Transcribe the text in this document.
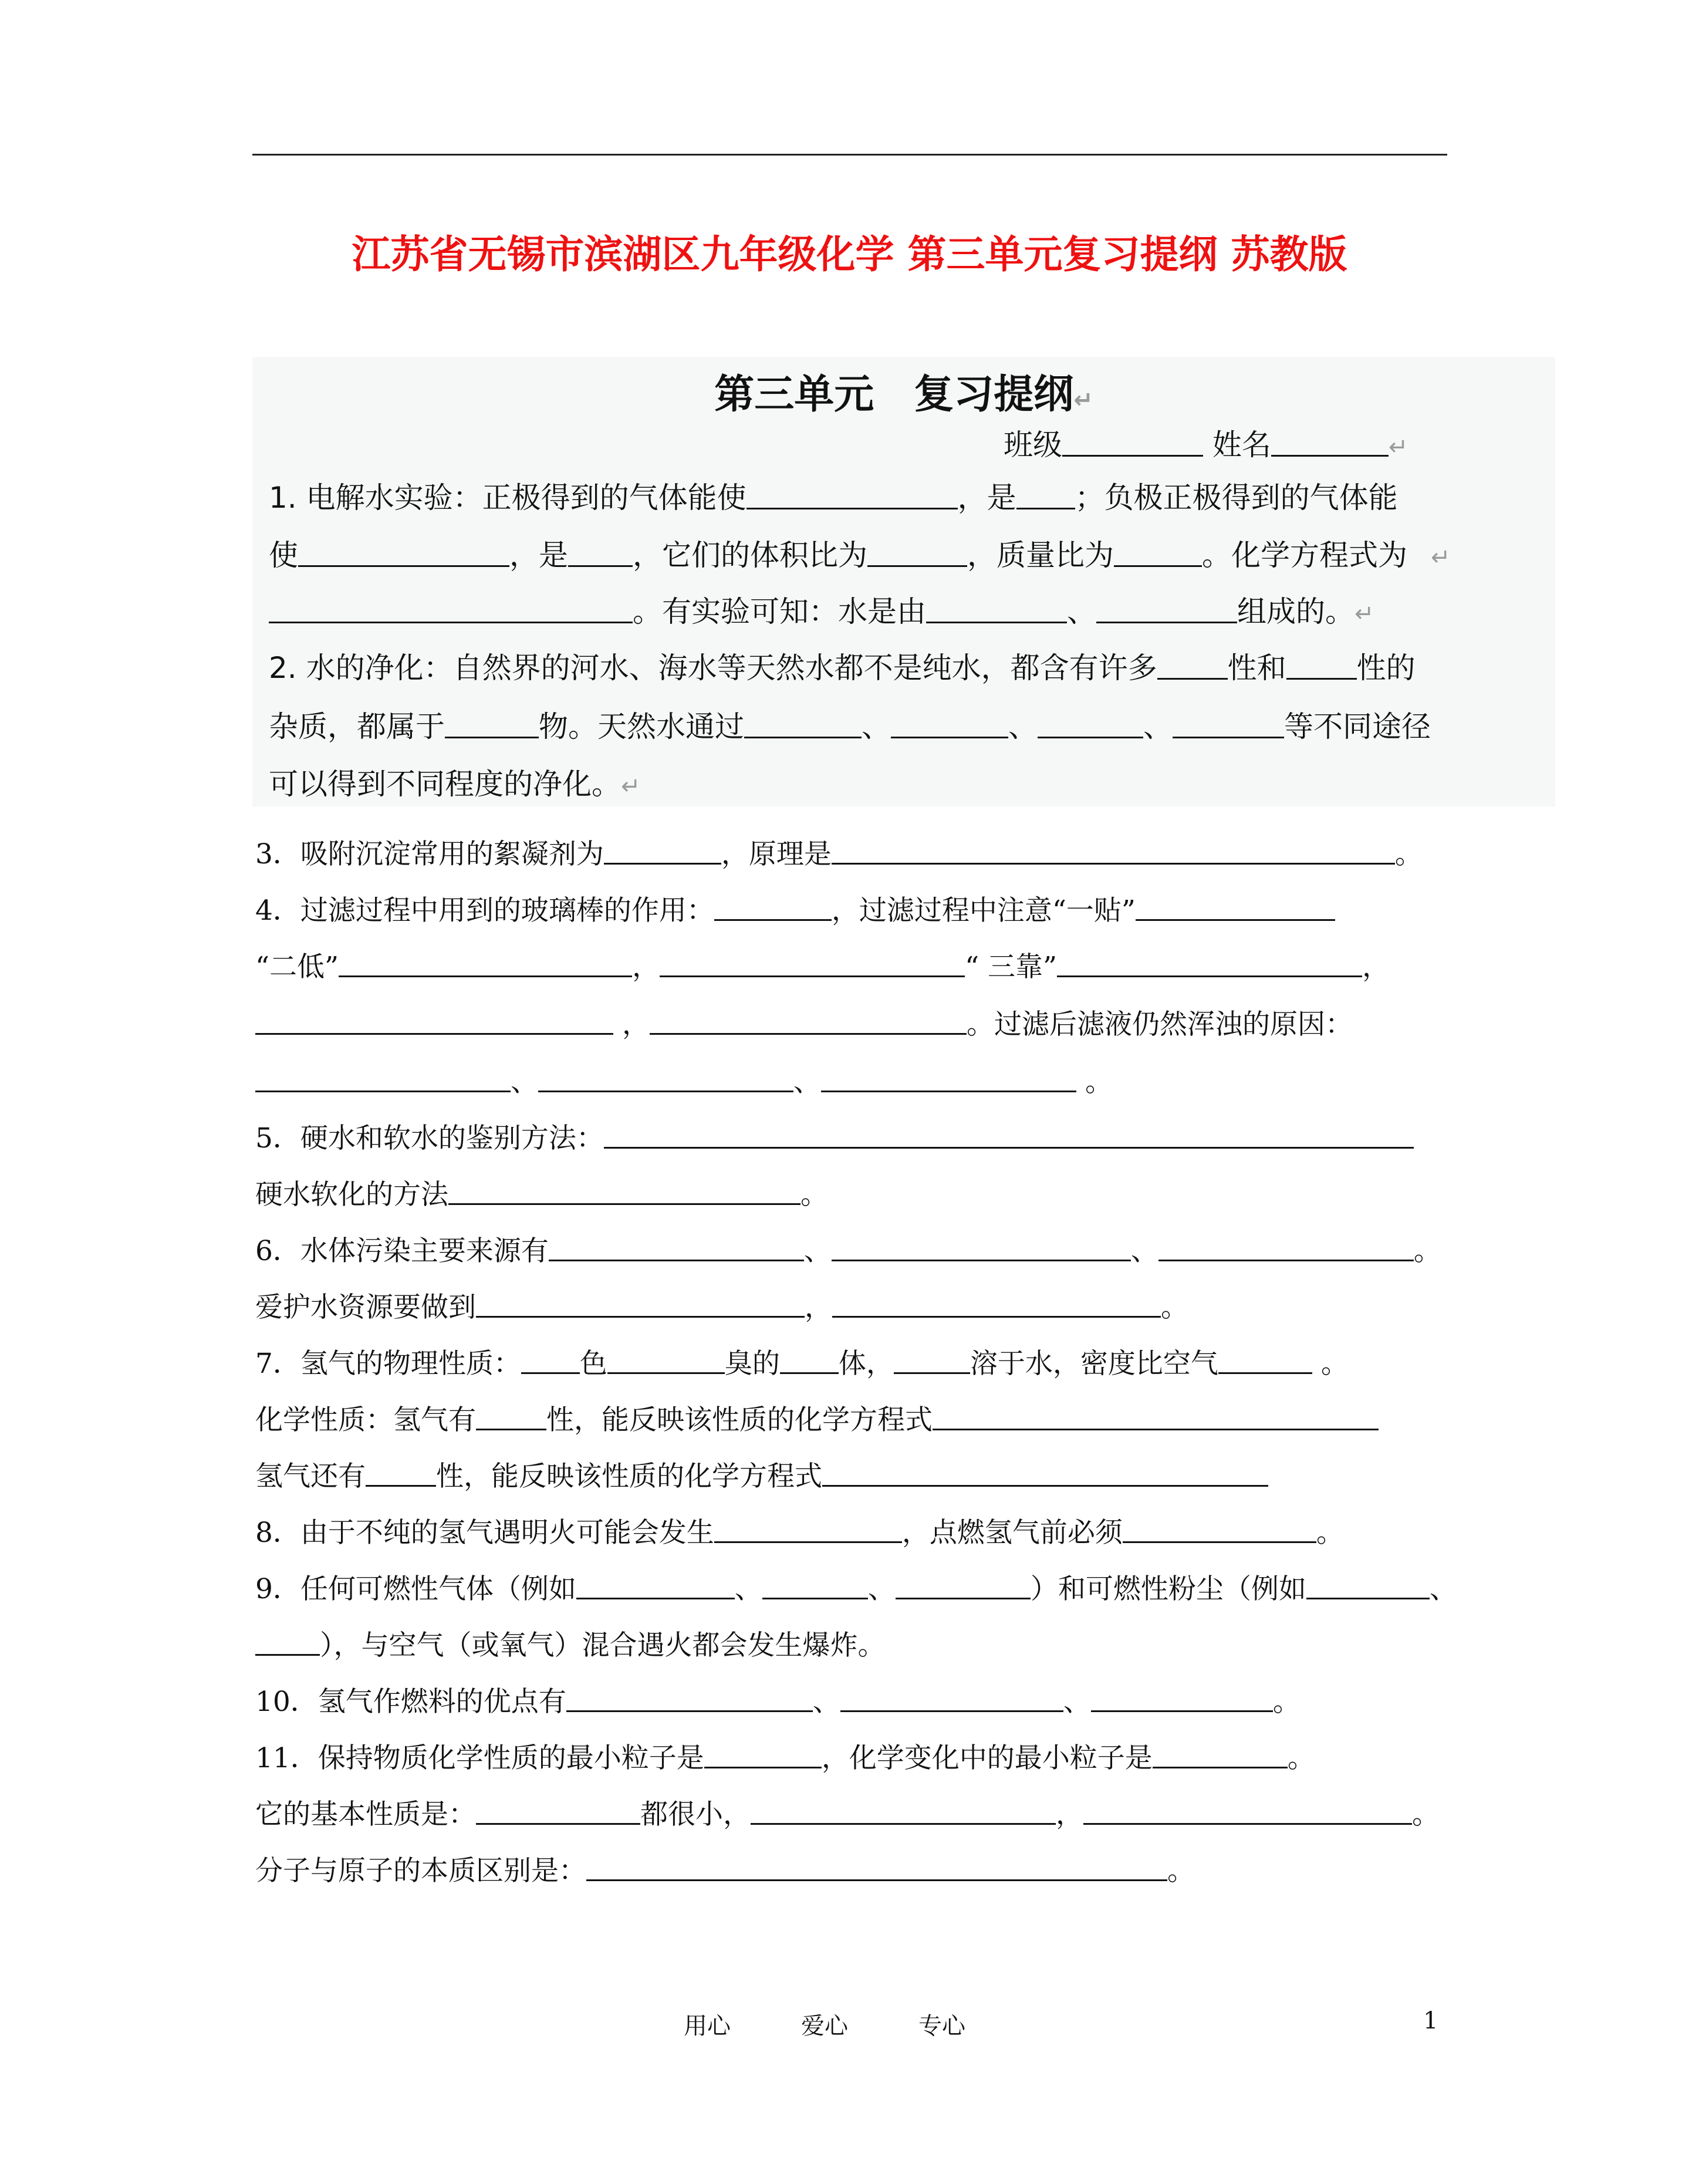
江苏省无锡市滨湖区九年级化学 第三单元复习提纲 苏教版
第三单元　复习提纲↵
班级	姓名	↵
1. 电解水实验：正极得到的气体能使	，是 ；负极正极得到的气体能
使	，是 ，它们的体积比为	，质量比为	。化学方程式为　↵
。有实验可知：水是由	、	组成的。↵
2. 水的净化：自然界的河水、海水等天然水都不是纯水，都含有许多 性和 性的
杂质，都属于	物。天然水通过	、	、	、	等不同途径
可以得到不同程度的净化。↵
3．吸附沉淀常用的絮凝剂为	，原理是	。
4．过滤过程中用到的玻璃棒的作用：	，过滤过程中注意“一贴”
“二低”	，	“ 三靠”	，
，	。过滤后滤液仍然浑浊的原因：
、	、	。
5．硬水和软水的鉴别方法：
硬水软化的方法	。
6．水体污染主要来源有	、	、	。
爱护水资源要做到	，	。
7．氢气的物理性质： 色	臭的 体，	溶于水，密度比空气	。
化学性质：氢气有	性，能反映该性质的化学方程式
氢气还有	性，能反映该性质的化学方程式
8．由于不纯的氢气遇明火可能会发生	，点燃氢气前必须	。
9．任何可燃性气体（例如	、	、	）和可燃性粉尘（例如	、
），与空气（或氧气）混合遇火都会发生爆炸。
10．氢气作燃料的优点有	、	、	。
11．保持物质化学性质的最小粒子是	，化学变化中的最小粒子是	。
它的基本性质是：	都很小，	，	。
分子与原子的本质区别是：	。
用心	爱心	专心	1
